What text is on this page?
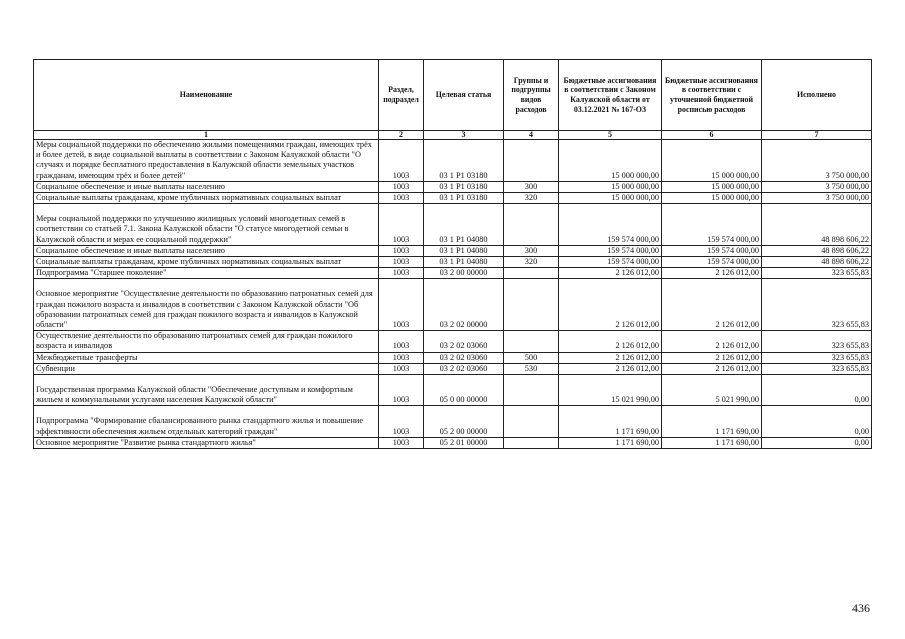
Наименование	Раздел, подраздел	Целевая статья	Группы и подгруппы видов расходов	Бюджетные ассигнования в соответствии с Законом Калужской области от 03.12.2021 № 167-ОЗ	Бюджетные ассигнования в соответствии с уточненной бюджетной росписью расходов	Исполнено
1	2	3	4	5	6	7
Меры социальной поддержки по обеспечению жилыми помещениями граждан, имеющих трёх и более детей, в виде социальной выплаты в соответствии с Законом Калужской области "О случаях и порядке бесплатного предоставления в Калужской области земельных участков гражданам, имеющим трёх и более детей"	1003	03 1 P1 03180		15 000 000,00	15 000 000,00	3 750 000,00
Социальное обеспечение и иные выплаты населению	1003	03 1 P1 03180	300	15 000 000,00	15 000 000,00	3 750 000,00
Социальные выплаты гражданам, кроме публичных нормативных социальных выплат	1003	03 1 P1 03180	320	15 000 000,00	15 000 000,00	3 750 000,00
Меры социальной поддержки по улучшению жилищных условий многодетных семей в соответствии со статьей 7.1. Закона Калужской области "О статусе многодетной семьи в Калужской области и мерах ее социальной поддержки"	1003	03 1 P1 04080		159 574 000,00	159 574 000,00	48 898 606,22
Социальное обеспечение и иные выплаты населению	1003	03 1 P1 04080	300	159 574 000,00	159 574 000,00	48 898 606,22
Социальные выплаты гражданам, кроме публичных нормативных социальных выплат	1003	03 1 P1 04080	320	159 574 000,00	159 574 000,00	48 898 606,22
Подпрограмма "Старшее поколение"	1003	03 2 00 00000		2 126 012,00	2 126 012,00	323 655,83
Основное мероприятие "Осуществление деятельности по образованию патронатных семей для граждан пожилого возраста и инвалидов в соответствии с Законом Калужской области "Об образовании патронатных семей для граждан пожилого возраста и инвалидов в Калужской области"	1003	03 2 02 00000		2 126 012,00	2 126 012,00	323 655,83
Осуществление деятельности по образованию патронатных семей для граждан пожилого возраста и инвалидов	1003	03 2 02 03060		2 126 012,00	2 126 012,00	323 655,83
Межбюджетные трансферты	1003	03 2 02 03060	500	2 126 012,00	2 126 012,00	323 655,83
Субвенции	1003	03 2 02 03060	530	2 126 012,00	2 126 012,00	323 655,83
Государственная программа Калужской области "Обеспечение доступным и комфортным жильем и коммунальными услугами населения Калужской области"	1003	05 0 00 00000		15 021 990,00	5 021 990,00	0,00
Подпрограмма "Формирование сбалансированного рынка стандартного жилья и повышение эффективности обеспечения жильем отдельных категорий граждан"	1003	05 2 00 00000		1 171 690,00	1 171 690,00	0,00
Основное мероприятие "Развитие рынка стандартного жилья"	1003	05 2 01 00000		1 171 690,00	1 171 690,00	0,00
436
